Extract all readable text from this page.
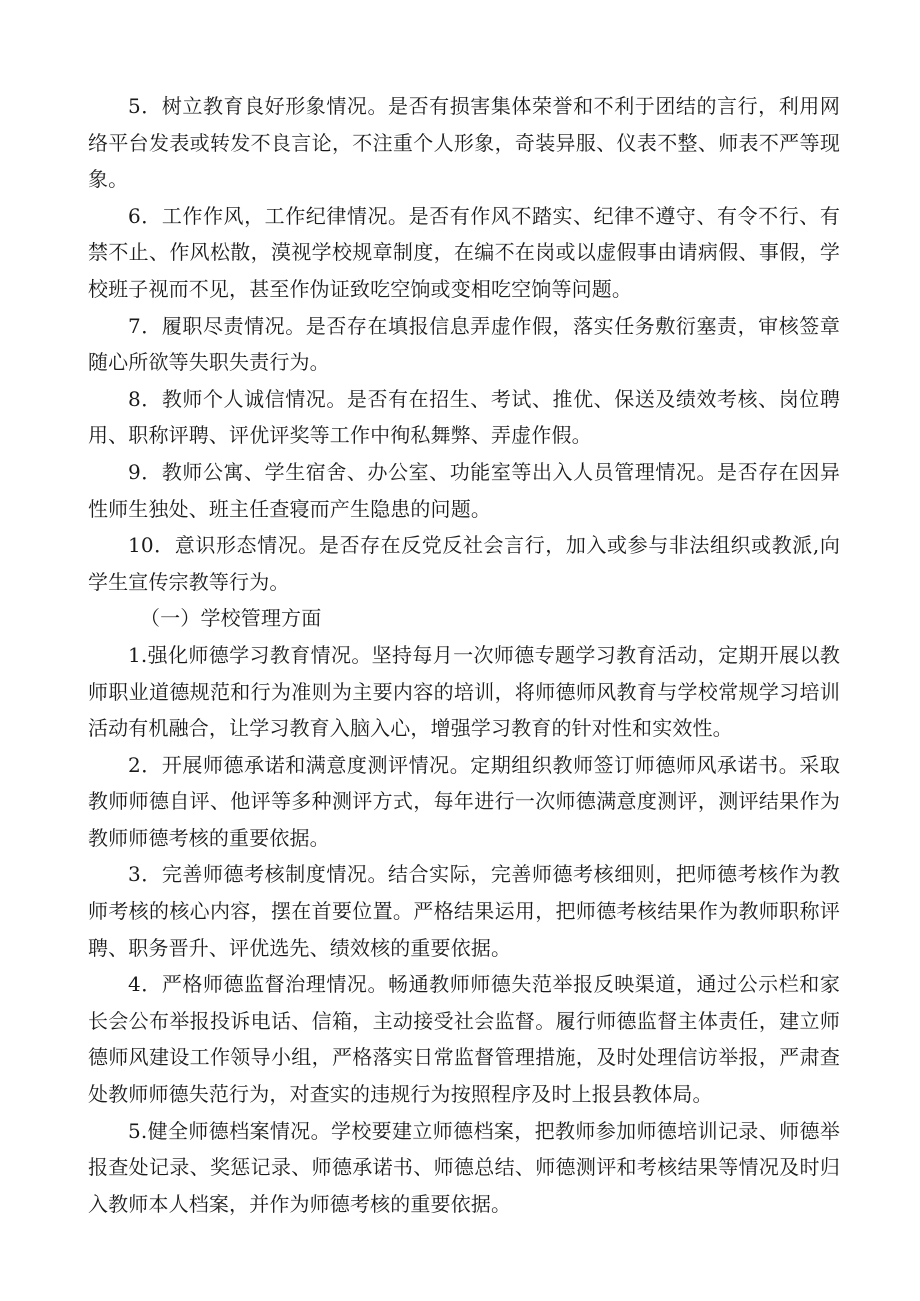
5．树立教育良好形象情况。是否有损害集体荣誉和不利于团结的言行，利用网络平台发表或转发不良言论，不注重个人形象，奇装异服、仪表不整、师表不严等现象。

6．工作作风，工作纪律情况。是否有作风不踏实、纪律不遵守、有令不行、有禁不止、作风松散，漠视学校规章制度，在编不在岗或以虚假事由请病假、事假，学校班子视而不见，甚至作伪证致吃空饷或变相吃空饷等问题。

7．履职尽责情况。是否存在填报信息弄虚作假，落实任务敷衍塞责，审核签章随心所欲等失职失责行为。

8．教师个人诚信情况。是否有在招生、考试、推优、保送及绩效考核、岗位聘用、职称评聘、评优评奖等工作中徇私舞弊、弄虚作假。

9．教师公寓、学生宿舍、办公室、功能室等出入人员管理情况。是否存在因异性师生独处、班主任查寝而产生隐患的问题。

10．意识形态情况。是否存在反党反社会言行，加入或参与非法组织或教派,向学生宣传宗教等行为。

（一）学校管理方面

1.强化师德学习教育情况。坚持每月一次师德专题学习教育活动，定期开展以教师职业道德规范和行为准则为主要内容的培训，将师德师风教育与学校常规学习培训活动有机融合，让学习教育入脑入心，增强学习教育的针对性和实效性。

2．开展师德承诺和满意度测评情况。定期组织教师签订师德师风承诺书。采取教师师德自评、他评等多种测评方式，每年进行一次师德满意度测评，测评结果作为教师师德考核的重要依据。

3．完善师德考核制度情况。结合实际，完善师德考核细则，把师德考核作为教师考核的核心内容，摆在首要位置。严格结果运用，把师德考核结果作为教师职称评聘、职务晋升、评优选先、绩效核的重要依据。

4．严格师德监督治理情况。畅通教师师德失范举报反映渠道，通过公示栏和家长会公布举报投诉电话、信箱，主动接受社会监督。履行师德监督主体责任，建立师德师风建设工作领导小组，严格落实日常监督管理措施，及时处理信访举报，严肃查处教师师德失范行为，对查实的违规行为按照程序及时上报县教体局。

5.健全师德档案情况。学校要建立师德档案，把教师参加师德培训记录、师德举报查处记录、奖惩记录、师德承诺书、师德总结、师德测评和考核结果等情况及时归入教师本人档案，并作为师德考核的重要依据。
